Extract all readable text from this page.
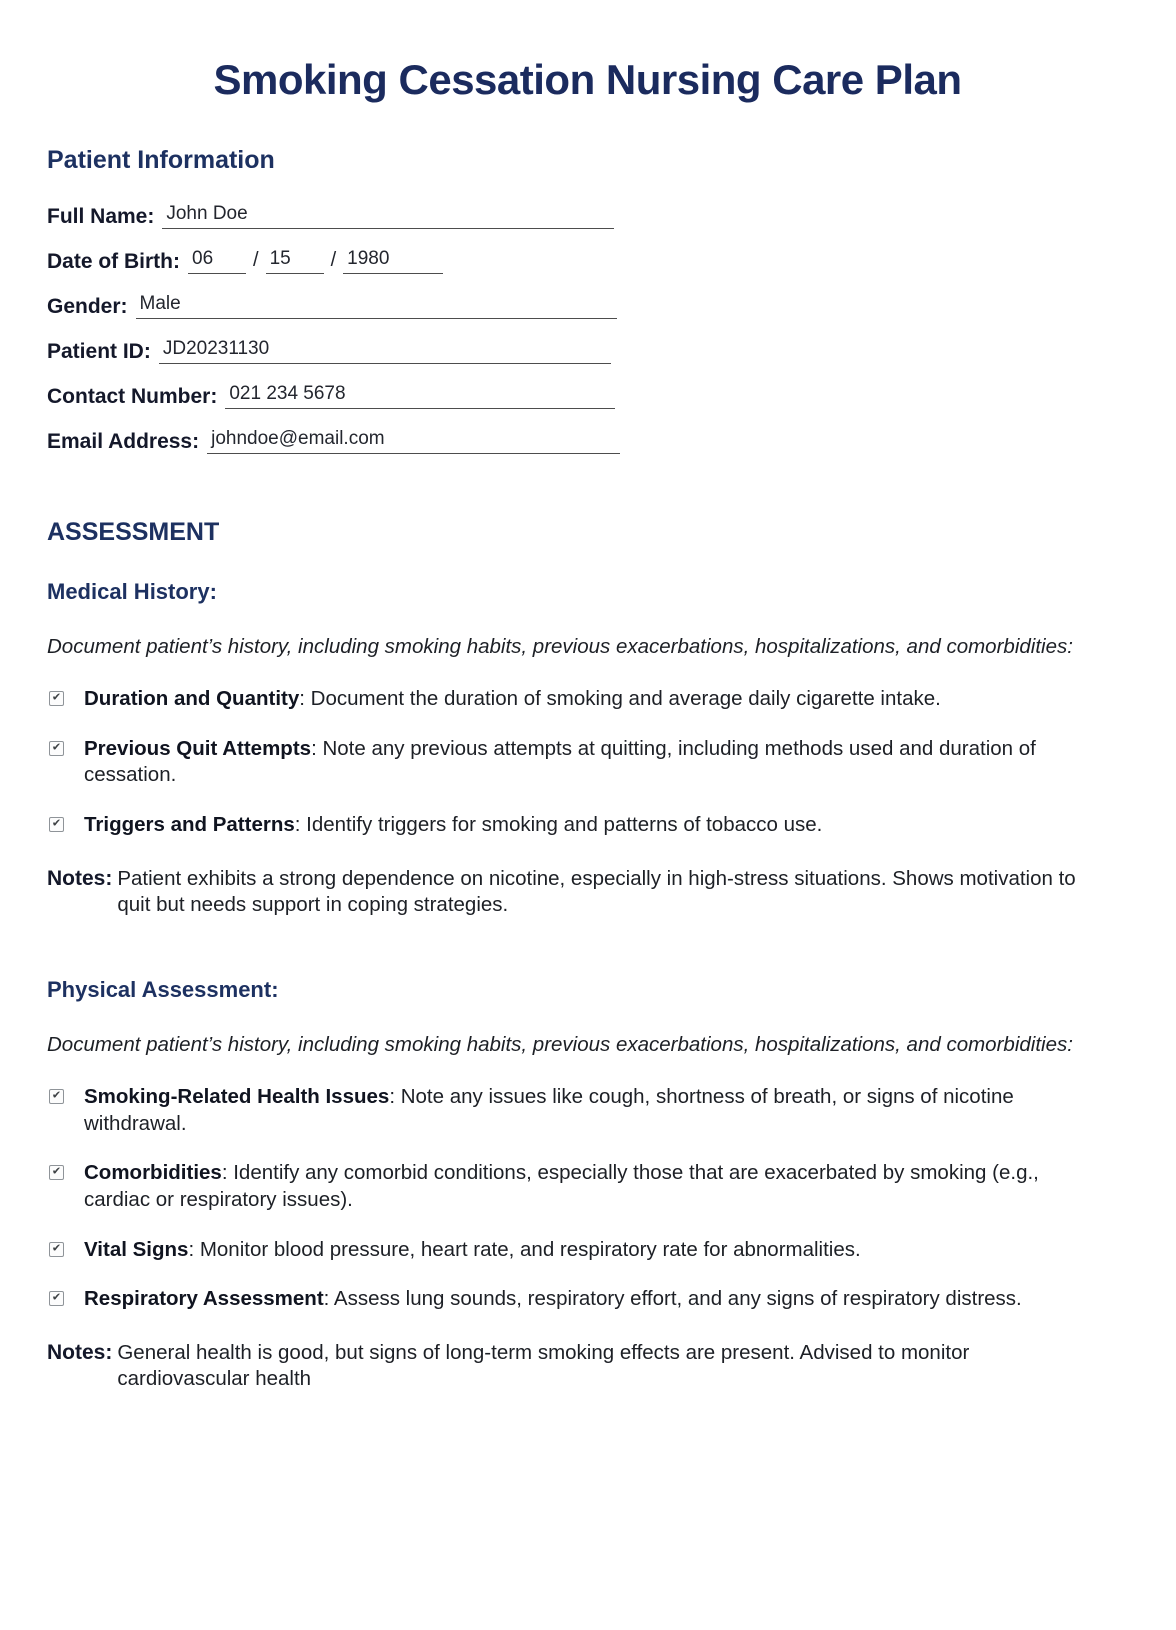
Smoking Cessation Nursing Care Plan
Patient Information
Full Name: John Doe
Date of Birth: 06	/ 15	/ 1980
Gender: Male
Patient ID: JD20231130
Contact Number: 021 234 5678
Email Address: johndoe@email.com
ASSESSMENT
Medical History:

Document patient’s history, including smoking habits, previous exacerbations, hospitalizations, and comorbidities:

✔ Duration and Quantity: Document the duration of smoking and average daily cigarette intake.
✔ Previous Quit Attempts: Note any previous attempts at quitting, including methods used and duration of cessation.
✔ Triggers and Patterns: Identify triggers for smoking and patterns of tobacco use.
Notes: Patient exhibits a strong dependence on nicotine, especially in high-stress situations. Shows motivation to quit but needs support in coping strategies.
Physical Assessment:

Document patient’s history, including smoking habits, previous exacerbations, hospitalizations, and comorbidities:

✔ Smoking-Related Health Issues: Note any issues like cough, shortness of breath, or signs of nicotine withdrawal.
✔ Comorbidities: Identify any comorbid conditions, especially those that are exacerbated by smoking (e.g., cardiac or respiratory issues).
✔ Vital Signs: Monitor blood pressure, heart rate, and respiratory rate for abnormalities.
✔ Respiratory Assessment: Assess lung sounds, respiratory effort, and any signs of respiratory distress.
Notes: General health is good, but signs of long-term smoking effects are present. Advised to monitor cardiovascular health
